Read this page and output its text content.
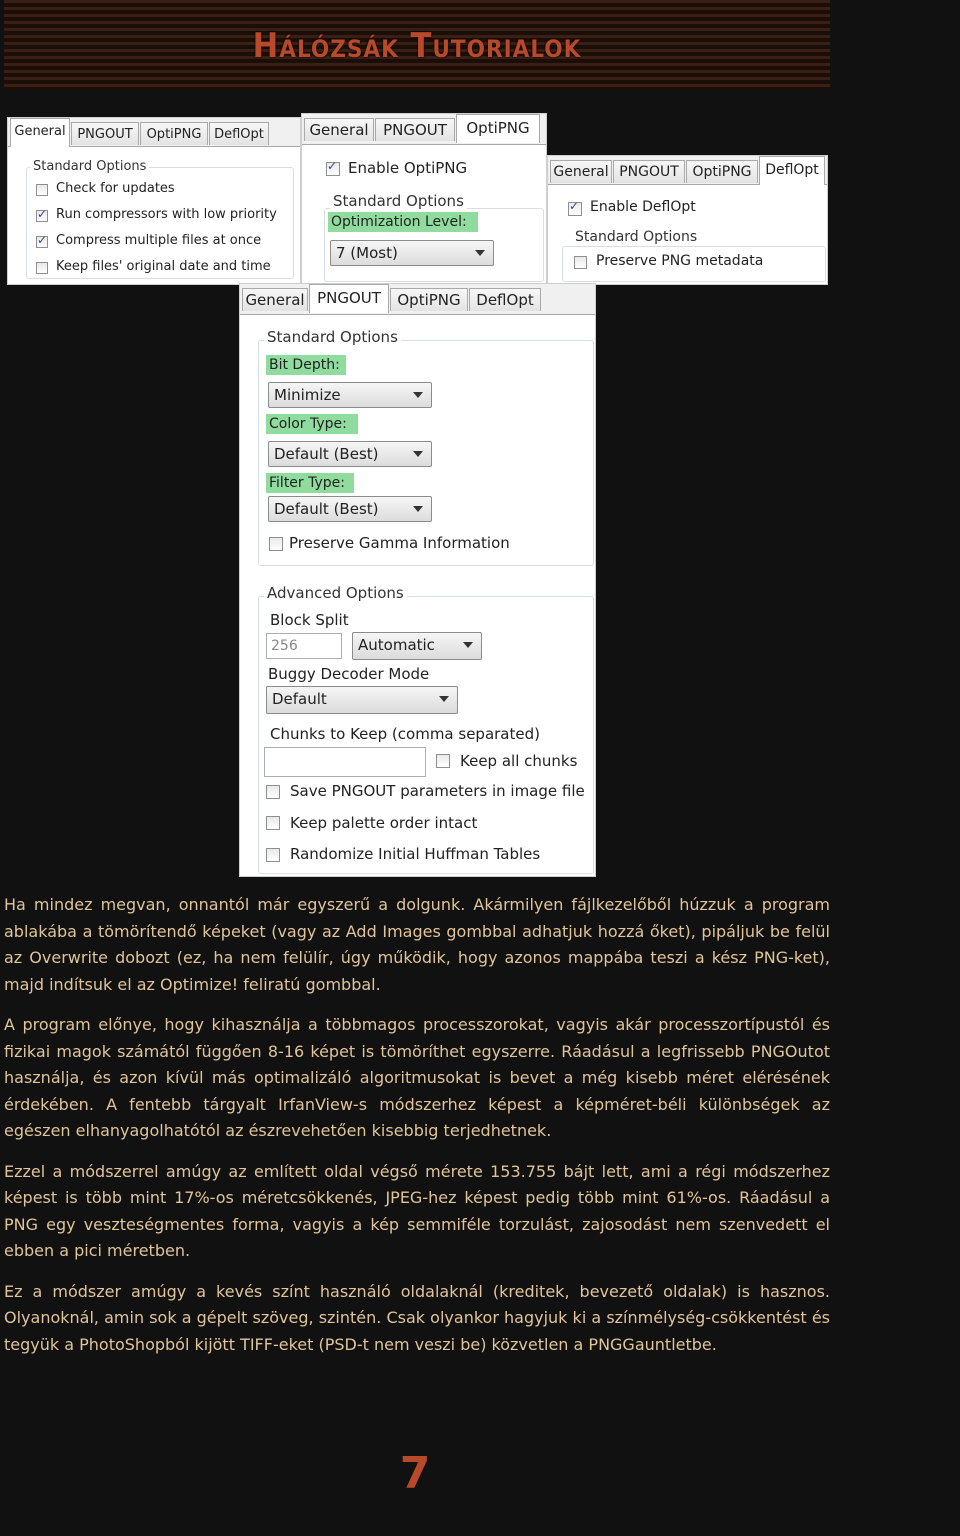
Hálózsák Tutorialok
General PNGOUT	OptiPNG DeflOpt
Standard Options
Check for updates
✓
Run compressors with low priority
✓
Compress multiple files at once
Keep files' original date and time
General PNGOUT	OptiPNG
✓
Enable OptiPNG
Standard Options
Optimization Level:
7 (Most)
General PNGOUT OptiPNG DeflOpt
✓
Enable DeflOpt
Standard Options
Preserve PNG metadata
General PNGOUT	OptiPNG	DeflOpt
Standard Options
Bit Depth:
Minimize
Color Type:
Default (Best)
Filter Type:
Default (Best)
Preserve Gamma Information
Advanced Options
Block Split
256	Automatic
Buggy Decoder Mode
Default
Chunks to Keep (comma separated)
Keep all chunks
Save PNGOUT parameters in image file
Keep palette order intact
Randomize Initial Huffman Tables

Ha mindez megvan, onnantól már egyszerű a dolgunk. Akármilyen fájlkezelőből húzzuk a program ablakába a tömörítendő képeket (vagy az Add Images gombbal adhatjuk hozzá őket), pipáljuk be felül az Overwrite dobozt (ez, ha nem felülír, úgy működik, hogy azonos mappába teszi a kész PNG-ket), majd indítsuk el az Optimize! feliratú gombbal.

A program előnye, hogy kihasználja a többmagos processzorokat, vagyis akár processzortípustól és fizikai magok számától függően 8-16 képet is tömöríthet egyszerre. Ráadásul a legfrissebb PNGOutot használja, és azon kívül más optimalizáló algoritmusokat is bevet a még kisebb méret elérésének érdekében. A fentebb tárgyalt IrfanView-s módszerhez képest a képméret-béli különbségek az egészen elhanyagolhatótól az észrevehetően kisebbig terjedhetnek.

Ezzel a módszerrel amúgy az említett oldal végső mérete 153.755 bájt lett, ami a régi módszerhez képest is több mint 17%-os méretcsökkenés, JPEG-hez képest pedig több mint 61%-os. Ráadásul a PNG egy veszteségmentes forma, vagyis a kép semmiféle torzulást, zajosodást nem szenvedett el ebben a pici méretben.

Ez a módszer amúgy a kevés színt használó oldalaknál (kreditek, bevezető oldalak) is hasznos. Olyanoknál, amin sok a gépelt szöveg, szintén. Csak olyankor hagyjuk ki a színmélység-csökkentést és tegyük a PhotoShopból kijött TIFF-eket (PSD-t nem veszi be) közvetlen a PNGGauntletbe.

7
